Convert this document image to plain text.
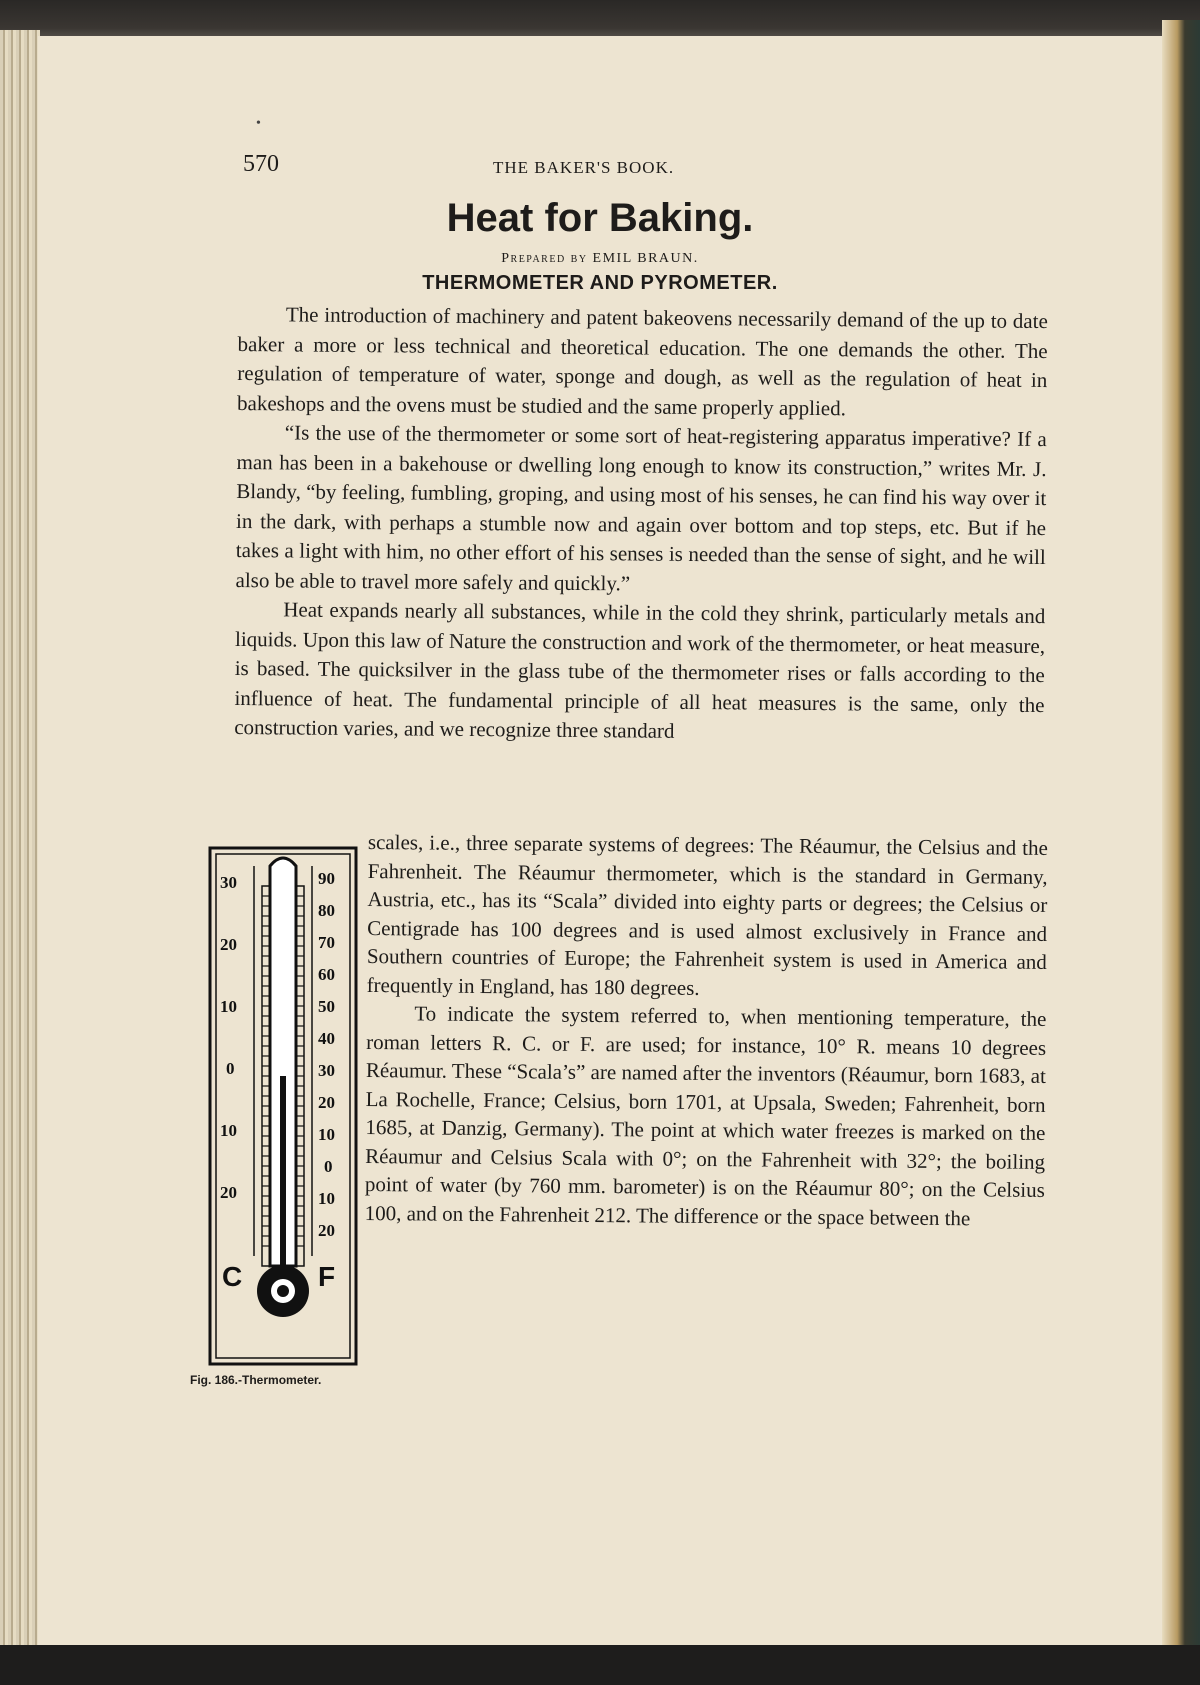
•
570	THE BAKER'S BOOK.
Heat for Baking.
Prepared by EMIL BRAUN.
THERMOMETER AND PYROMETER.

The introduction of machinery and patent bakeovens necessarily demand of the up to date baker a more or less technical and theoretical education. The one demands the other. The regulation of temperature of water, sponge and dough, as well as the regulation of heat in bakeshops and the ovens must be studied and the same properly applied.

“Is the use of the thermometer or some sort of heat-registering apparatus imperative? If a man has been in a bakehouse or dwelling long enough to know its construction,” writes Mr. J. Blandy, “by feeling, fumbling, groping, and using most of his senses, he can find his way over it in the dark, with perhaps a stumble now and again over bottom and top steps, etc. But if he takes a light with him, no other effort of his senses is needed than the sense of sight, and he will also be able to travel more safely and quickly.”

Heat expands nearly all substances, while in the cold they shrink, particularly metals and liquids. Upon this law of Nature the construction and work of the thermometer, or heat measure, is based. The quicksilver in the glass tube of the thermometer rises or falls according to the influence of heat. The fundamental principle of all heat measures is the same, only the construction varies, and we recognize three standard

30
20
10
0
10
20
90
80
70
60
50
40
30
20
10
0
10
20
C	F

scales, i.e., three separate systems of degrees: The Réaumur, the Celsius and the Fahrenheit. The Réaumur thermometer, which is the standard in Germany, Austria, etc., has its “Scala” divided into eighty parts or degrees; the Celsius or Centigrade has 100 degrees and is used almost exclusively in France and Southern countries of Europe; the Fahrenheit system is used in America and frequently in England, has 180 degrees.

To indicate the system referred to, when mentioning temperature, the roman letters R. C. or F. are used; for instance, 10° R. means 10 degrees Réaumur. These “Scala’s” are named after the inventors (Réaumur, born 1683, at La Rochelle, France; Celsius, born 1701, at Upsala, Sweden; Fahrenheit, born 1685, at Danzig, Germany). The point at which water freezes is marked on the Réaumur and Celsius Scala with 0°; on the Fahrenheit with 32°; the boiling point of water (by 760 mm. barometer) is on the Réaumur 80°; on the Celsius 100, and on the Fahrenheit 212. The difference or the space between the

Fig. 186.-Thermometer.
